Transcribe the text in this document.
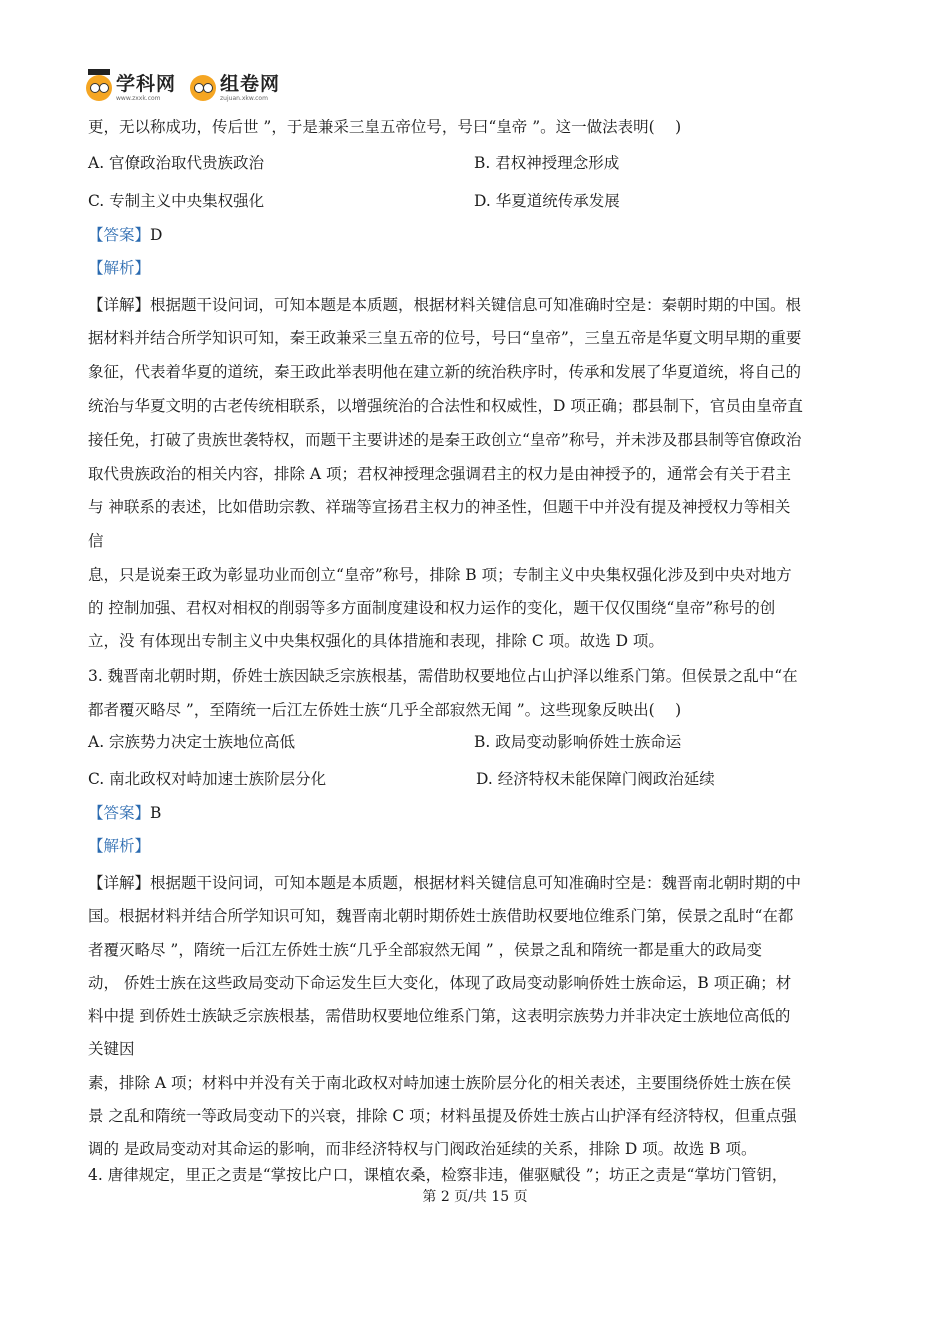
学科网
www.zxxk.com
组卷网
zujuan.xkw.com
更，无以称成功，传后世 ”，于是兼采三皇五帝位号，号曰“皇帝 ”。这一做法表明(　 )
A. 官僚政治取代贵族政治	B. 君权神授理念形成
C. 专制主义中央集权强化	D. 华夏道统传承发展
【答案】D
【解析】
【详解】根据题干设问词，可知本题是本质题，根据材料关键信息可知准确时空是：秦朝时期的中国。根
据材料并结合所学知识可知，秦王政兼采三皇五帝的位号，号曰“皇帝”，三皇五帝是华夏文明早期的重要
象征，代表着华夏的道统，秦王政此举表明他在建立新的统治秩序时，传承和发展了华夏道统，将自己的
统治与华夏文明的古老传统相联系，以增强统治的合法性和权威性，D 项正确；郡县制下，官员由皇帝直
接任免，打破了贵族世袭特权，而题干主要讲述的是秦王政创立“皇帝”称号，并未涉及郡县制等官僚政治
取代贵族政治的相关内容，排除 A 项；君权神授理念强调君主的权力是由神授予的，通常会有关于君主
与 神联系的表述，比如借助宗教、祥瑞等宣扬君主权力的神圣性，但题干中并没有提及神授权力等相关
信
息，只是说秦王政为彰显功业而创立“皇帝”称号，排除 B 项；专制主义中央集权强化涉及到中央对地方
的 控制加强、君权对相权的削弱等多方面制度建设和权力运作的变化，题干仅仅围绕“皇帝”称号的创
立，没 有体现出专制主义中央集权强化的具体措施和表现，排除 C 项。故选 D 项。
3. 魏晋南北朝时期，侨姓士族因缺乏宗族根基，需借助权要地位占山护泽以维系门第。但侯景之乱中“在
都者覆灭略尽 ”，至隋统一后江左侨姓士族“几乎全部寂然无闻 ”。这些现象反映出(　 )
A. 宗族势力决定士族地位高低	B. 政局变动影响侨姓士族命运
C. 南北政权对峙加速士族阶层分化	D. 经济特权未能保障门阀政治延续
【答案】B
【解析】
【详解】根据题干设问词，可知本题是本质题，根据材料关键信息可知准确时空是：魏晋南北朝时期的中
国。根据材料并结合所学知识可知，魏晋南北朝时期侨姓士族借助权要地位维系门第，侯景之乱时“在都
者覆灭略尽 ”，隋统一后江左侨姓士族“几乎全部寂然无闻 ” ，侯景之乱和隋统一都是重大的政局变
动， 侨姓士族在这些政局变动下命运发生巨大变化，体现了政局变动影响侨姓士族命运，B 项正确；材
料中提 到侨姓士族缺乏宗族根基，需借助权要地位维系门第，这表明宗族势力并非决定士族地位高低的
关键因
素，排除 A 项；材料中并没有关于南北政权对峙加速士族阶层分化的相关表述，主要围绕侨姓士族在侯
景 之乱和隋统一等政局变动下的兴衰，排除 C 项；材料虽提及侨姓士族占山护泽有经济特权，但重点强
调的 是政局变动对其命运的影响，而非经济特权与门阀政治延续的关系，排除 D 项。故选 B 项。
4. 唐律规定，里正之责是“掌按比户口，课植农桑，检察非违，催驱赋役 ”；坊正之责是“掌坊门管钥，
第 2 页/共 15 页
